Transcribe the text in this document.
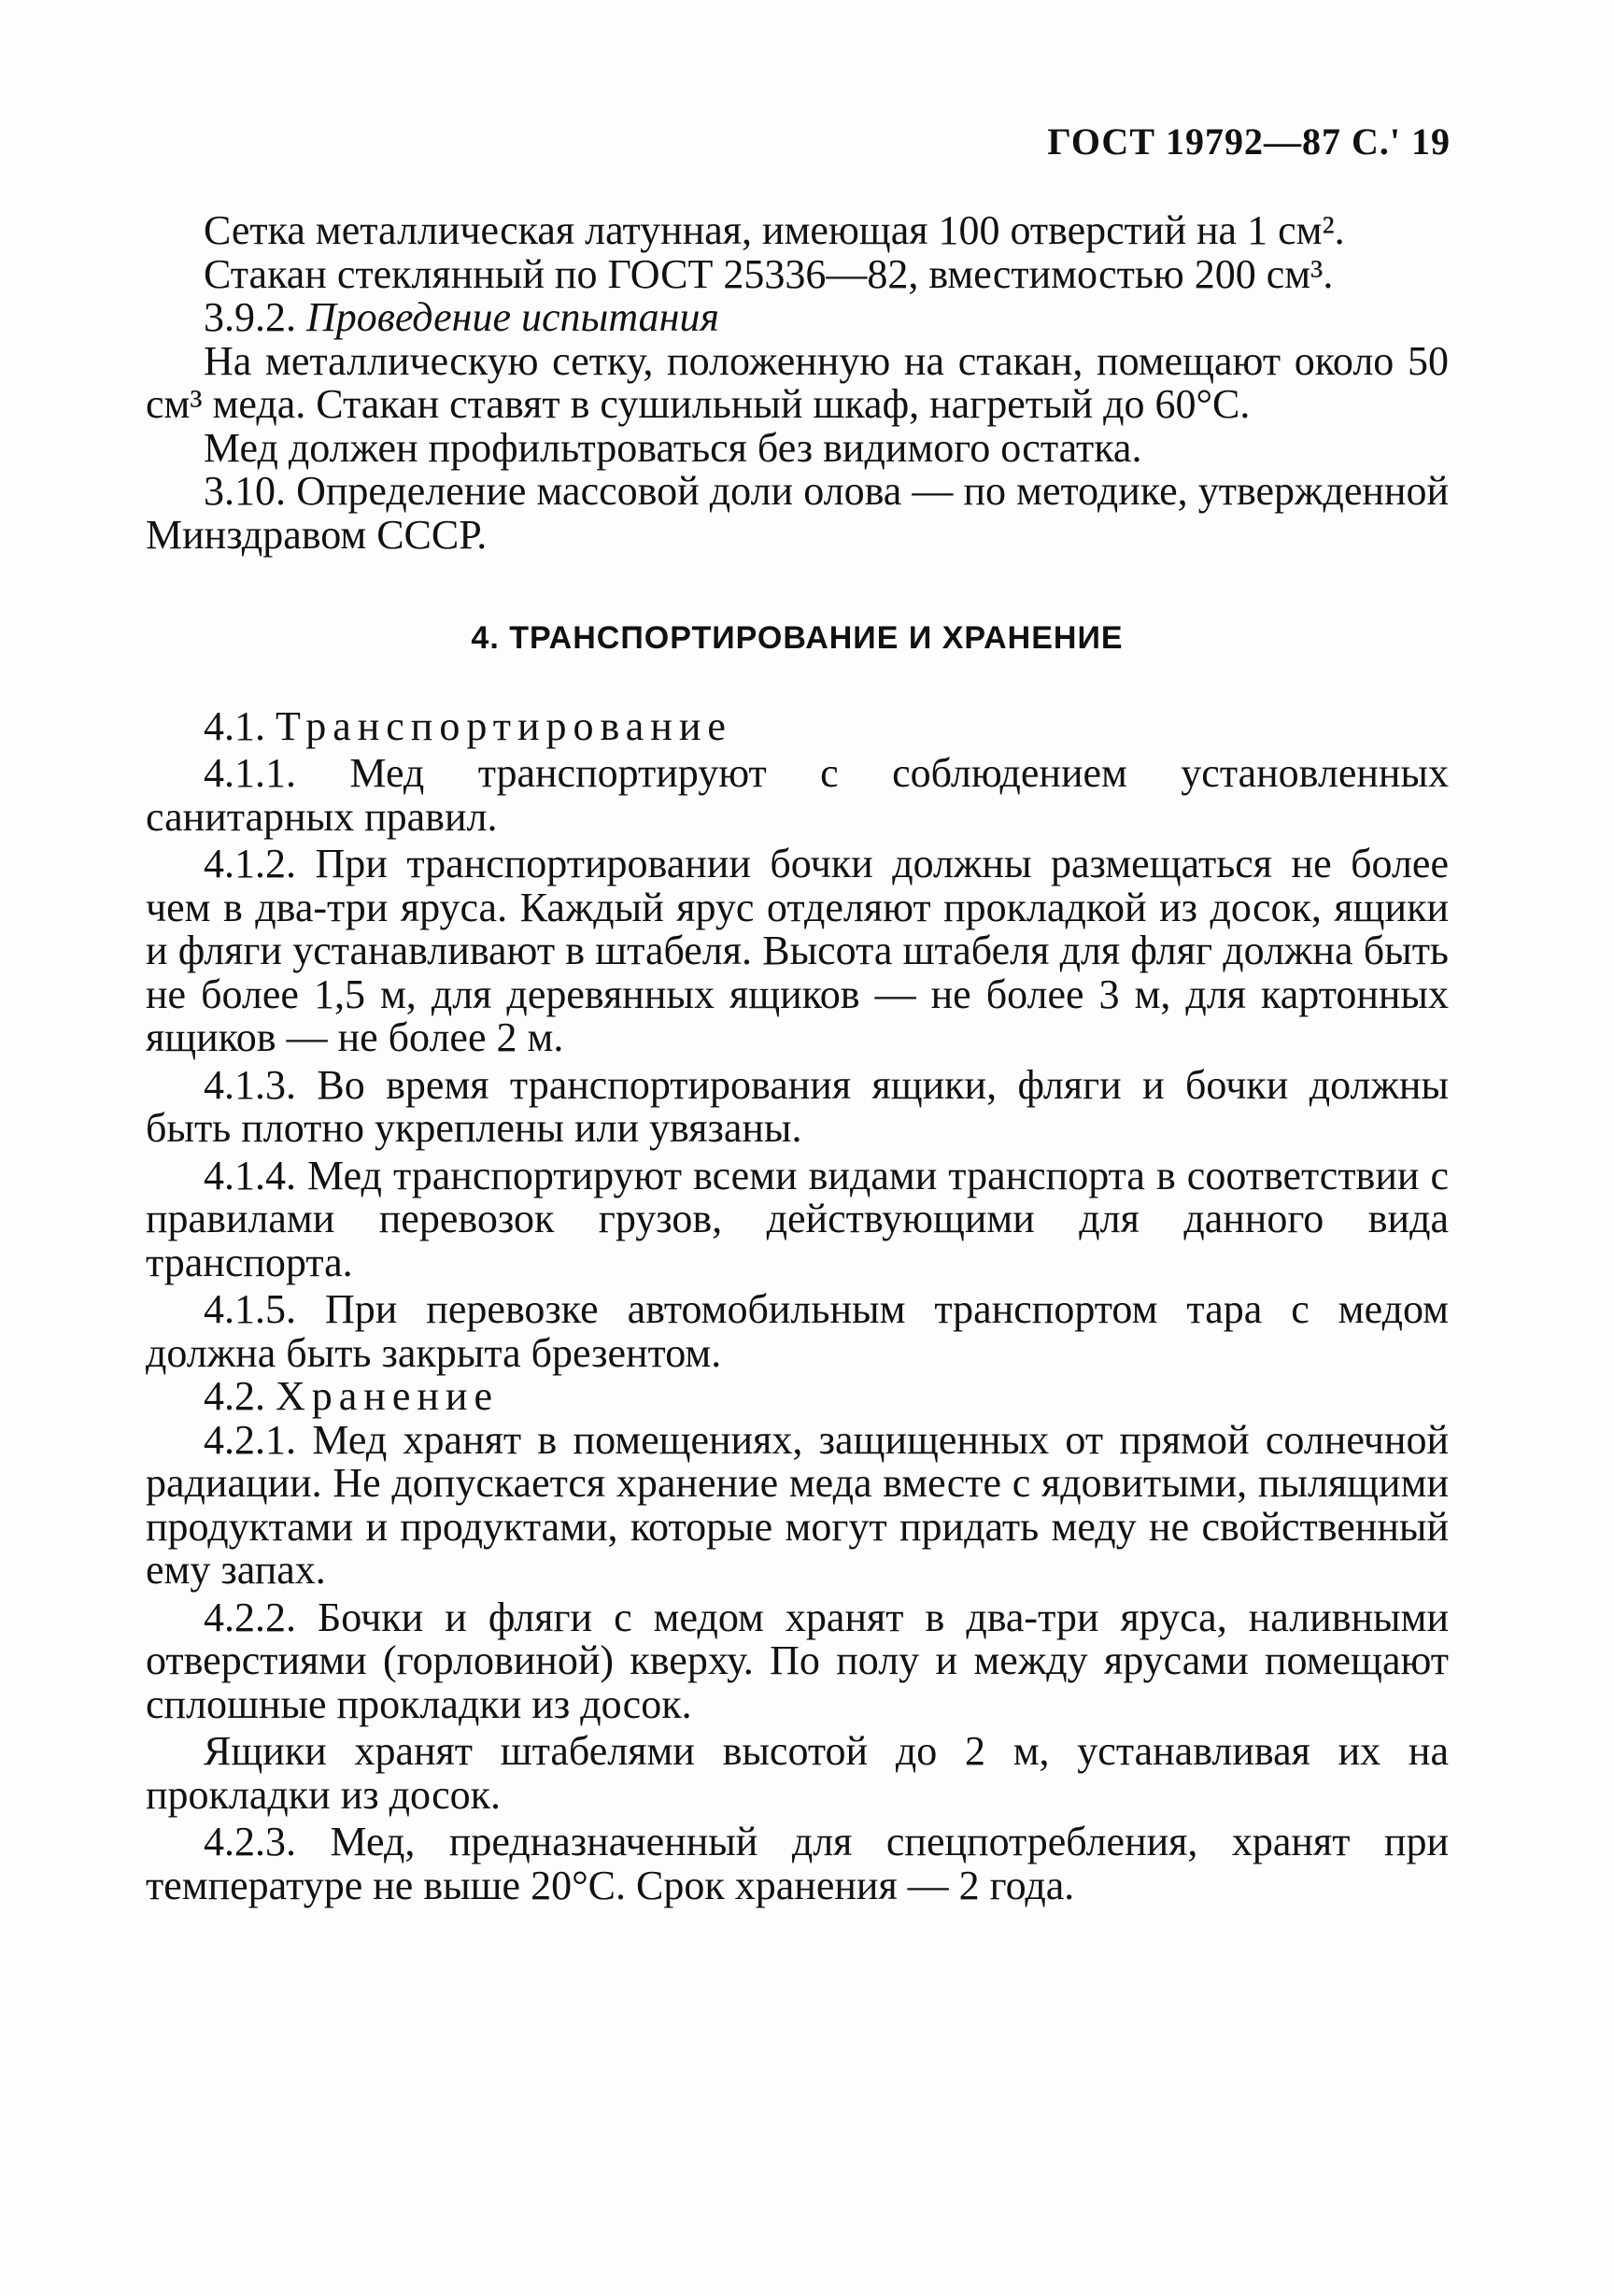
ГОСТ 19792—87 С.' 19

Сетка металлическая латунная, имеющая 100 отверстий на 1 см².

Стакан стеклянный по ГОСТ 25336—82, вместимостью 200 см³.

3.9.2. Проведение испытания

На металлическую сетку, положенную на стакан, помещают около 50 см³ меда. Стакан ставят в сушильный шкаф, нагретый до 60°С.

Мед должен профильтроваться без видимого остатка.

3.10. Определение массовой доли олова — по методике, утвержденной Минздравом СССР.

4. ТРАНСПОРТИРОВАНИЕ И ХРАНЕНИЕ

4.1. Транспортирование

4.1.1. Мед транспортируют с соблюдением установленных санитарных правил.

4.1.2. При транспортировании бочки должны размещаться не более чем в два-три яруса. Каждый ярус отделяют прокладкой из досок, ящики и фляги устанавливают в штабеля. Высота штабеля для фляг должна быть не более 1,5 м, для деревянных ящиков — не более 3 м, для картонных ящиков — не более 2 м.

4.1.3. Во время транспортирования ящики, фляги и бочки должны быть плотно укреплены или увязаны.

4.1.4. Мед транспортируют всеми видами транспорта в соответствии с правилами перевозок грузов, действующими для данного вида транспорта.

4.1.5. При перевозке автомобильным транспортом тара с медом должна быть закрыта брезентом.

4.2. Хранение

4.2.1. Мед хранят в помещениях, защищенных от прямой солнечной радиации. Не допускается хранение меда вместе с ядовитыми, пылящими продуктами и продуктами, которые могут придать меду не свойственный ему запах.

4.2.2. Бочки и фляги с медом хранят в два-три яруса, наливными отверстиями (горловиной) кверху. По полу и между ярусами помещают сплошные прокладки из досок.

Ящики хранят штабелями высотой до 2 м, устанавливая их на прокладки из досок.

4.2.3. Мед, предназначенный для спецпотребления, хранят при температуре не выше 20°С. Срок хранения — 2 года.
